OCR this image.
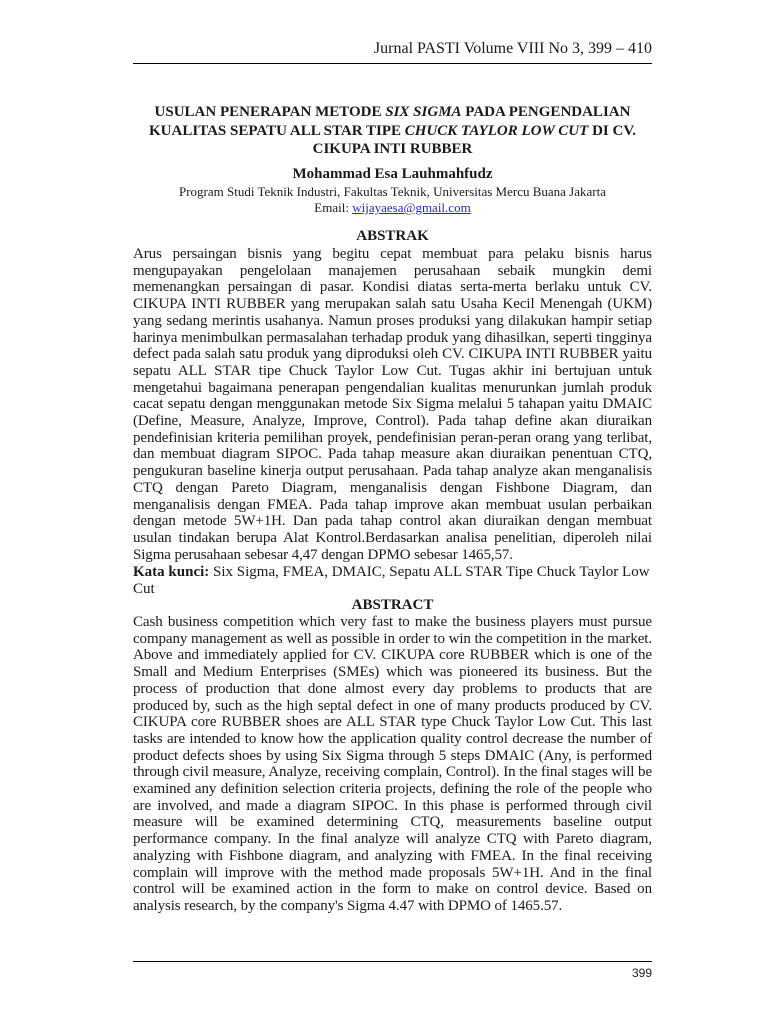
Jurnal PASTI Volume VIII No 3, 399 – 410
USULAN PENERAPAN METODE SIX SIGMA PADA PENGENDALIAN KUALITAS SEPATU ALL STAR TIPE CHUCK TAYLOR LOW CUT DI CV. CIKUPA INTI RUBBER
Mohammad Esa Lauhmahfudz
Program Studi Teknik Industri, Fakultas Teknik, Universitas Mercu Buana Jakarta
Email: wijayaesa@gmail.com
ABSTRAK

Arus persaingan bisnis yang begitu cepat membuat para pelaku bisnis harus mengupayakan pengelolaan manajemen perusahaan sebaik mungkin demi memenangkan persaingan di pasar. Kondisi diatas serta-merta berlaku untuk CV. CIKUPA INTI RUBBER yang merupakan salah satu Usaha Kecil Menengah (UKM) yang sedang merintis usahanya. Namun proses produksi yang dilakukan hampir setiap harinya menimbulkan permasalahan terhadap produk yang dihasilkan, seperti tingginya defect pada salah satu produk yang diproduksi oleh CV. CIKUPA INTI RUBBER yaitu sepatu ALL STAR tipe Chuck Taylor Low Cut. Tugas akhir ini bertujuan untuk mengetahui bagaimana penerapan pengendalian kualitas menurunkan jumlah produk cacat sepatu dengan menggunakan metode Six Sigma melalui 5 tahapan yaitu DMAIC (Define, Measure, Analyze, Improve, Control). Pada tahap define akan diuraikan pendefinisian kriteria pemilihan proyek, pendefinisian peran-peran orang yang terlibat, dan membuat diagram SIPOC. Pada tahap measure akan diuraikan penentuan CTQ, pengukuran baseline kinerja output perusahaan. Pada tahap analyze akan menganalisis CTQ dengan Pareto Diagram, menganalisis dengan Fishbone Diagram, dan menganalisis dengan FMEA. Pada tahap improve akan membuat usulan perbaikan dengan metode 5W+1H. Dan pada tahap control akan diuraikan dengan membuat usulan tindakan berupa Alat Kontrol.Berdasarkan analisa penelitian, diperoleh nilai Sigma perusahaan sebesar 4,47 dengan DPMO sebesar 1465,57.

Kata kunci: Six Sigma, FMEA, DMAIC, Sepatu ALL STAR Tipe Chuck Taylor Low Cut
ABSTRACT

Cash business competition which very fast to make the business players must pursue company management as well as possible in order to win the competition in the market. Above and immediately applied for CV. CIKUPA core RUBBER which is one of the Small and Medium Enterprises (SMEs) which was pioneered its business. But the process of production that done almost every day problems to products that are produced by, such as the high septal defect in one of many products produced by CV. CIKUPA core RUBBER shoes are ALL STAR type Chuck Taylor Low Cut. This last tasks are intended to know how the application quality control decrease the number of product defects shoes by using Six Sigma through 5 steps DMAIC (Any, is performed through civil measure, Analyze, receiving complain, Control). In the final stages will be examined any definition selection criteria projects, defining the role of the people who are involved, and made a diagram SIPOC. In this phase is performed through civil measure will be examined determining CTQ, measurements baseline output performance company. In the final analyze will analyze CTQ with Pareto diagram, analyzing with Fishbone diagram, and analyzing with FMEA. In the final receiving complain will improve with the method made proposals 5W+1H. And in the final control will be examined action in the form to make on control device. Based on analysis research, by the company's Sigma 4.47 with DPMO of 1465.57.

399
